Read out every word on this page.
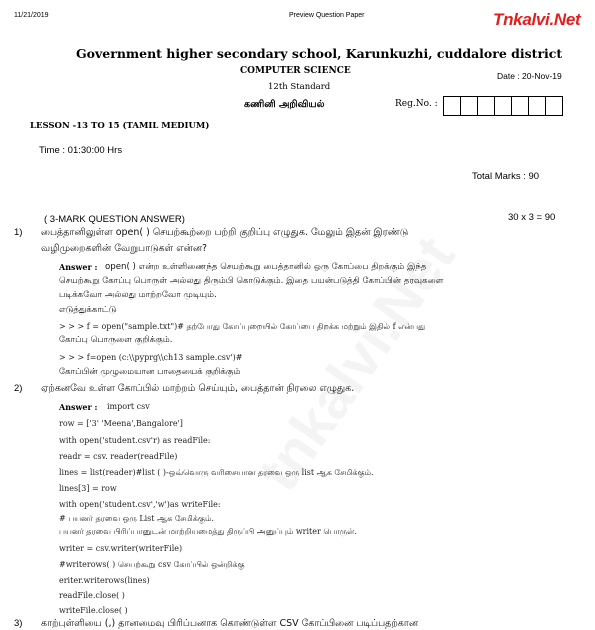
11/21/2019	Preview Question Paper	Tnkalvi.Net
Government higher secondary school, Karunkuzhi, cuddalore district
COMPUTER SCIENCE	Date : 20-Nov-19
12th Standard
கணினி அறிவியல்	Reg.No. :
LESSON -13 TO 15 (TAMIL MEDIUM)
Time : 01:30:00 Hrs
Total Marks : 90
( 3-MARK QUESTION ANSWER)	30 x 3 = 90
1) பைத்தானிலுள்ள open( ) செயற்கூற்றை பற்றி குறிப்பு எழுதுக. மேலும் இதன் இரண்டு
வழிமுறைகளின் வேறுபாடுகள் என்ன?
Answer : open( ) என்ற உள்ளிணைந்த செயற்கூறு பைத்தானில் ஒரு கோப்பை திறக்கும் இந்த
செயற்கூறு கோப்பு பொருள் அல்லது திரும்பி கொடுக்கும். இதை பயன்படுத்தி கோப்பின் தரவுகளை
படிக்கவோ அல்லது மாற்றவோ முடியும்.
எடுத்துக்காட்டு
> > > f = open("sample.txt")# தற்போது கோப்புறையில் கோப்பை திறக்க மற்றும் இதில் f என்பது
கோப்பு பொருளை குறிக்கும்.
> > > f=open (c:\\pyprg\\ch13 sample.csv')#
கோப்பின் முழுமையான பாதையைக் குறிக்கும்
2) ஏற்கனவே உள்ள கோப்பில் மாற்றம் செய்யும், பைத்தான் நிரலை எழுதுக.
Answer : import csv
row = ['3' 'Meena',Bangalore']
with open('student.csv'r) as readFile:
readr = csv. reader(readFile)
lines = list(reader)#list ( )-ஒவ்வொரு வரிசையான தரவை ஒரு list ஆக சேமிக்கும்.
lines[3] = row
with open('student.csv','w')as writeFile:
# பயனர் தரவை ஒரு List ஆக சேமிக்கும்.
பயனர் தரவை பிரிப்பானுடன் மாற்றியமைத்து திருப்பி அனுப்பும் writer பொருள்.
writer = csv.writer(writerFile)
#writerows( ) செயற்கூறு csv கோப்பில் ஒன்றிக்கு
eriter.writerows(lines)
readFile.close( )
writeFile.close( )
3) காற்புள்ளியை (,) தானமைவு பிரிப்பனாக கொண்டுள்ள CSV கோப்பினை படிப்பதற்கான
